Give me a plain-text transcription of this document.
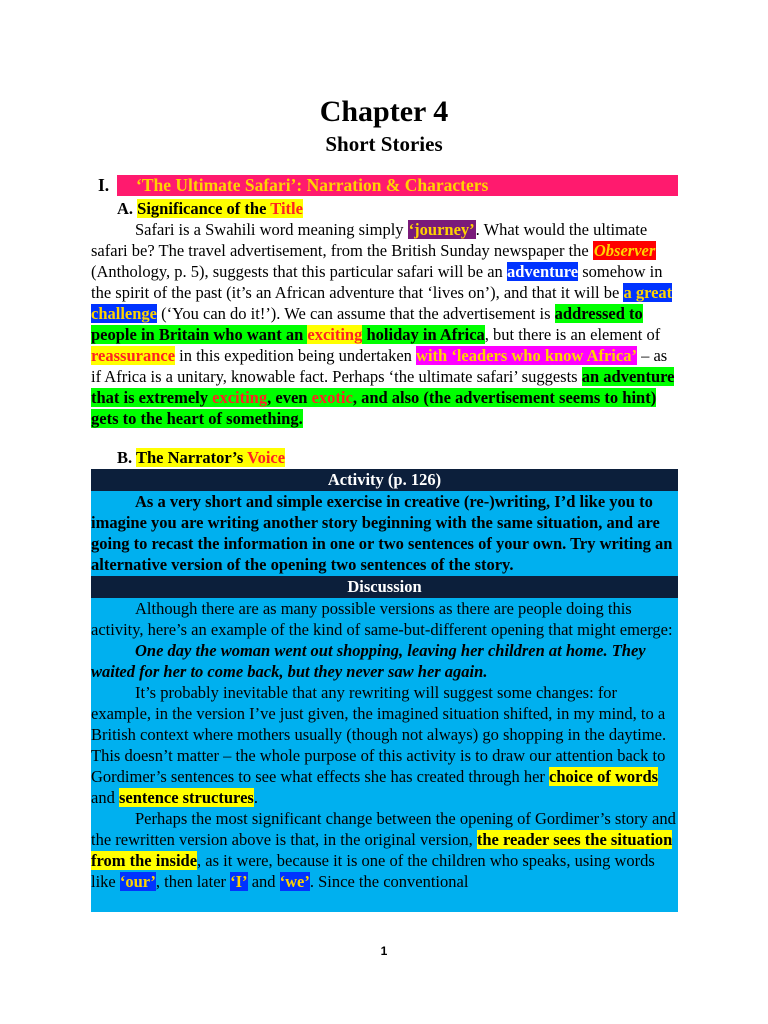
Chapter 4
Short Stories
I. ‘The Ultimate Safari’: Narration & Characters
A. Significance of the Title

Safari is a Swahili word meaning simply ‘journey’. What would the ultimate safari be? The travel advertisement, from the British Sunday newspaper the Observer (Anthology, p. 5), suggests that this particular safari will be an adventure somehow in the spirit of the past (it’s an African adventure that ‘lives on’), and that it will be a great challenge (‘You can do it!’). We can assume that the advertisement is addressed to people in Britain who want an exciting holiday in Africa, but there is an element of reassurance in this expedition being undertaken with ‘leaders who know Africa’ – as if Africa is a unitary, knowable fact. Perhaps ‘the ultimate safari’ suggests an adventure that is extremely exciting, even exotic, and also (the advertisement seems to hint) gets to the heart of something.

B. The Narrator’s Voice
Activity (p. 126)

As a very short and simple exercise in creative (re-)writing, I’d like you to imagine you are writing another story beginning with the same situation, and are going to recast the information in one or two sentences of your own. Try writing an alternative version of the opening two sentences of the story.

Discussion

Although there are as many possible versions as there are people doing this activity, here’s an example of the kind of same-but-different opening that might emerge:

One day the woman went out shopping, leaving her children at home. They waited for her to come back, but they never saw her again.

It’s probably inevitable that any rewriting will suggest some changes: for example, in the version I’ve just given, the imagined situation shifted, in my mind, to a British context where mothers usually (though not always) go shopping in the daytime. This doesn’t matter – the whole purpose of this activity is to draw our attention back to Gordimer’s sentences to see what effects she has created through her choice of words and sentence structures.

Perhaps the most significant change between the opening of Gordimer’s story and the rewritten version above is that, in the original version, the reader sees the situation from the inside, as it were, because it is one of the children who speaks, using words like ‘our’, then later ‘I’ and ‘we’. Since the conventional

1
